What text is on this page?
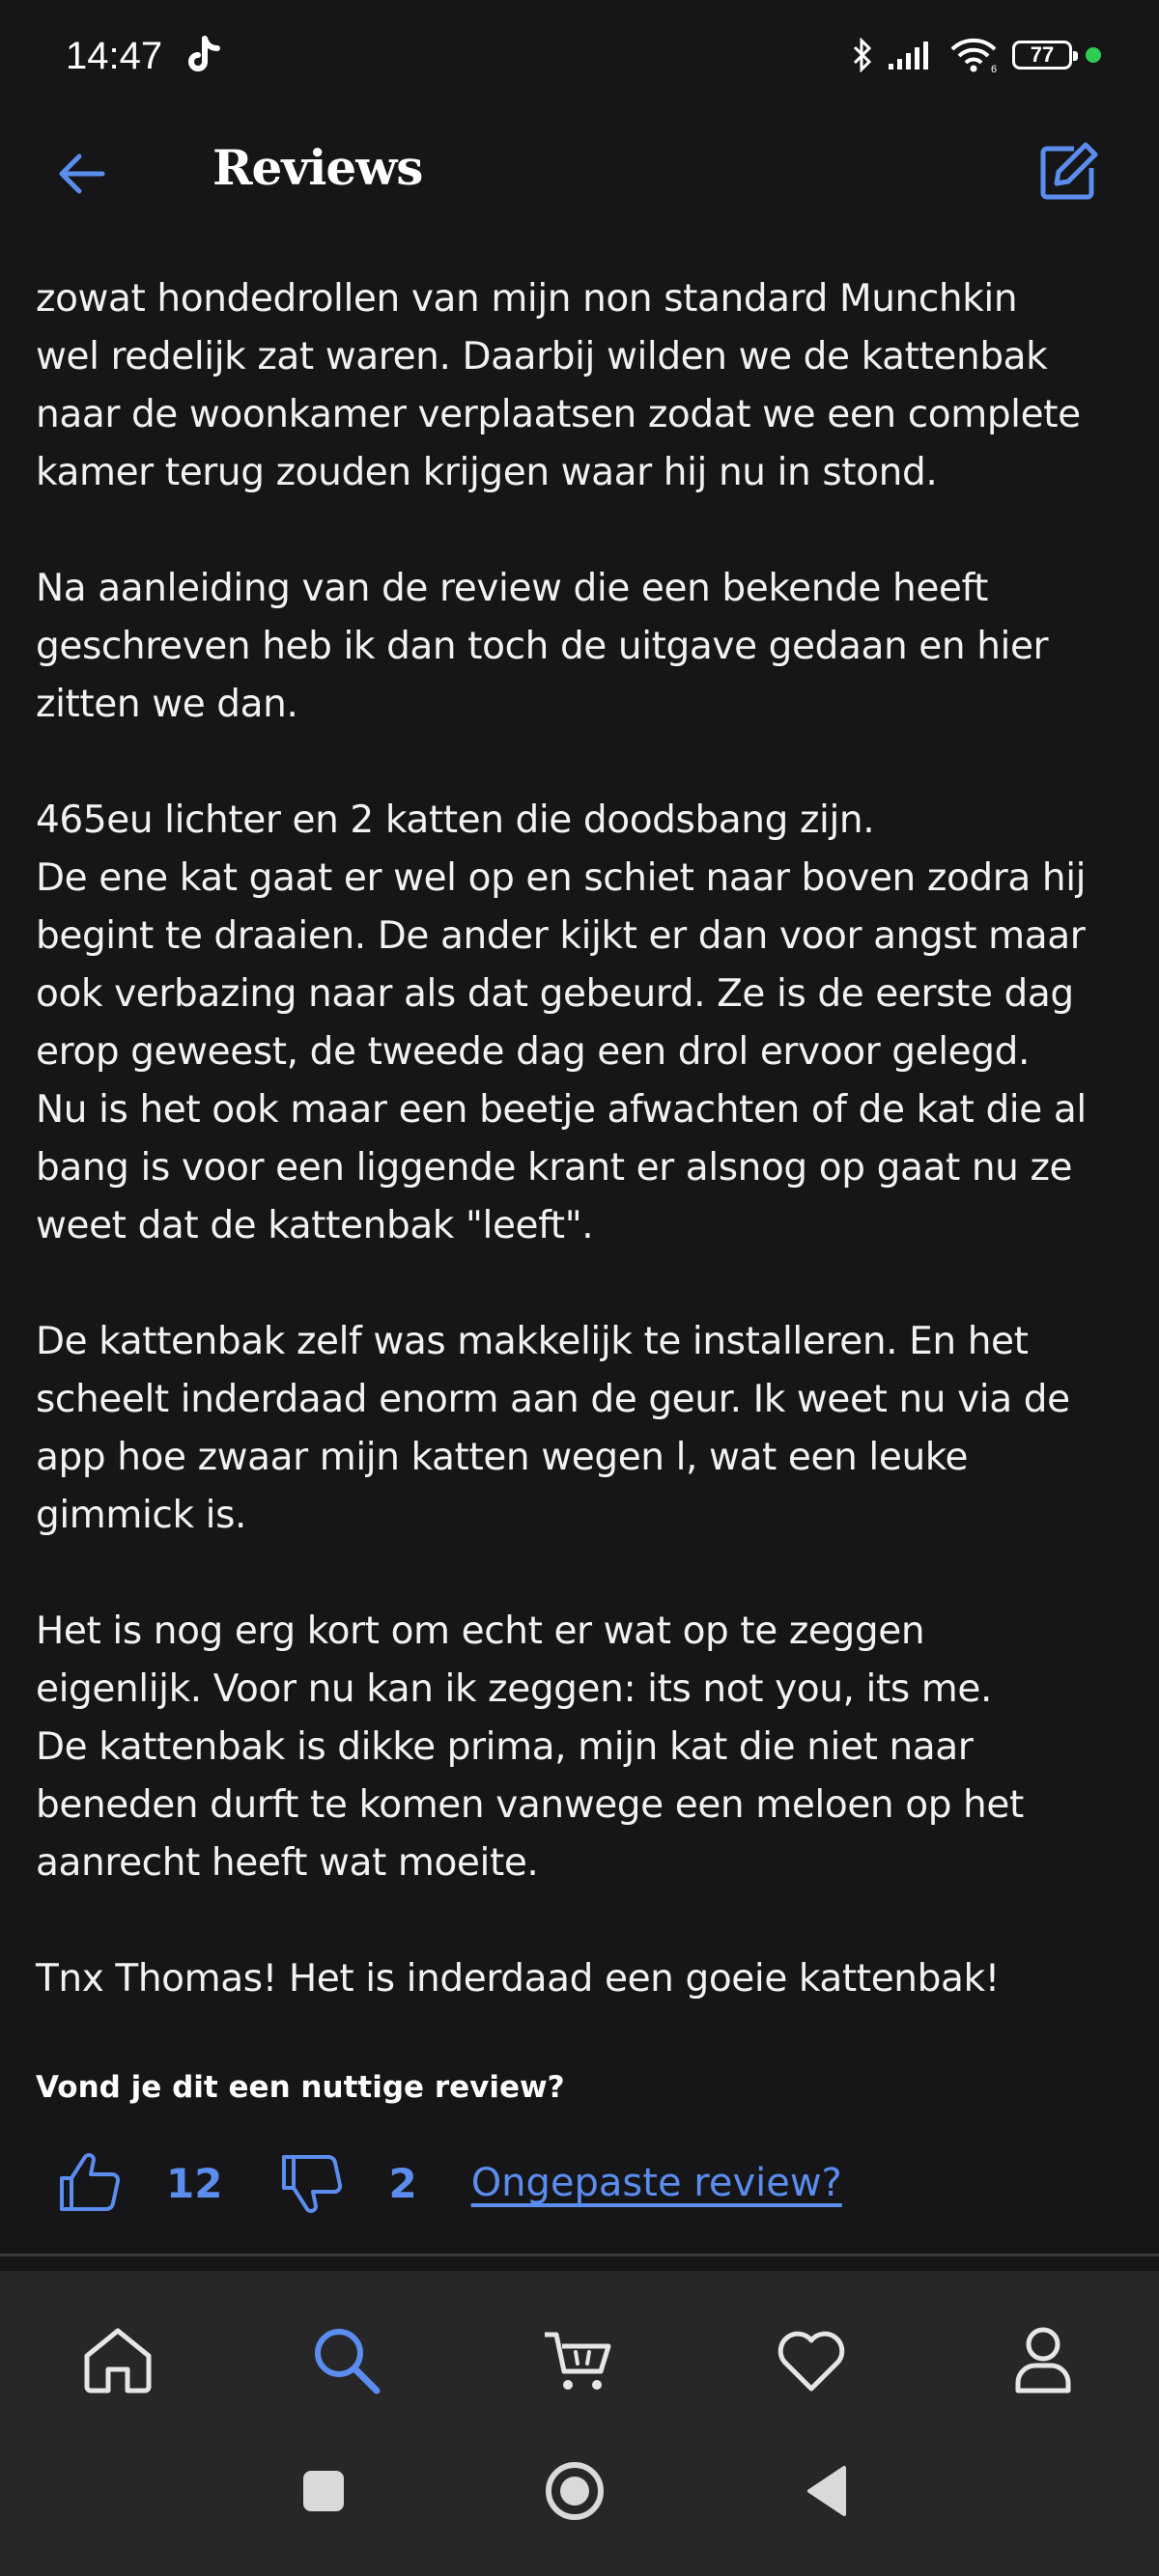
14:47	6
77
Reviews

zowat hondedrollen van mijn non standard Munchkin
wel redelijk zat waren. Daarbij wilden we de kattenbak
naar de woonkamer verplaatsen zodat we een complete
kamer terug zouden krijgen waar hij nu in stond.

Na aanleiding van de review die een bekende heeft
geschreven heb ik dan toch de uitgave gedaan en hier
zitten we dan.

465eu lichter en 2 katten die doodsbang zijn.
De ene kat gaat er wel op en schiet naar boven zodra hij
begint te draaien. De ander kijkt er dan voor angst maar
ook verbazing naar als dat gebeurd. Ze is de eerste dag
erop geweest, de tweede dag een drol ervoor gelegd.
Nu is het ook maar een beetje afwachten of de kat die al
bang is voor een liggende krant er alsnog op gaat nu ze
weet dat de kattenbak "leeft".

De kattenbak zelf was makkelijk te installeren. En het
scheelt inderdaad enorm aan de geur. Ik weet nu via de
app hoe zwaar mijn katten wegen l, wat een leuke
gimmick is.

Het is nog erg kort om echt er wat op te zeggen
eigenlijk. Voor nu kan ik zeggen: its not you, its me.
De kattenbak is dikke prima, mijn kat die niet naar
beneden durft te komen vanwege een meloen op het
aanrecht heeft wat moeite.

Tnx Thomas! Het is inderdaad een goeie kattenbak!

Vond je dit een nuttige review?
12	2 Ongepaste review?
